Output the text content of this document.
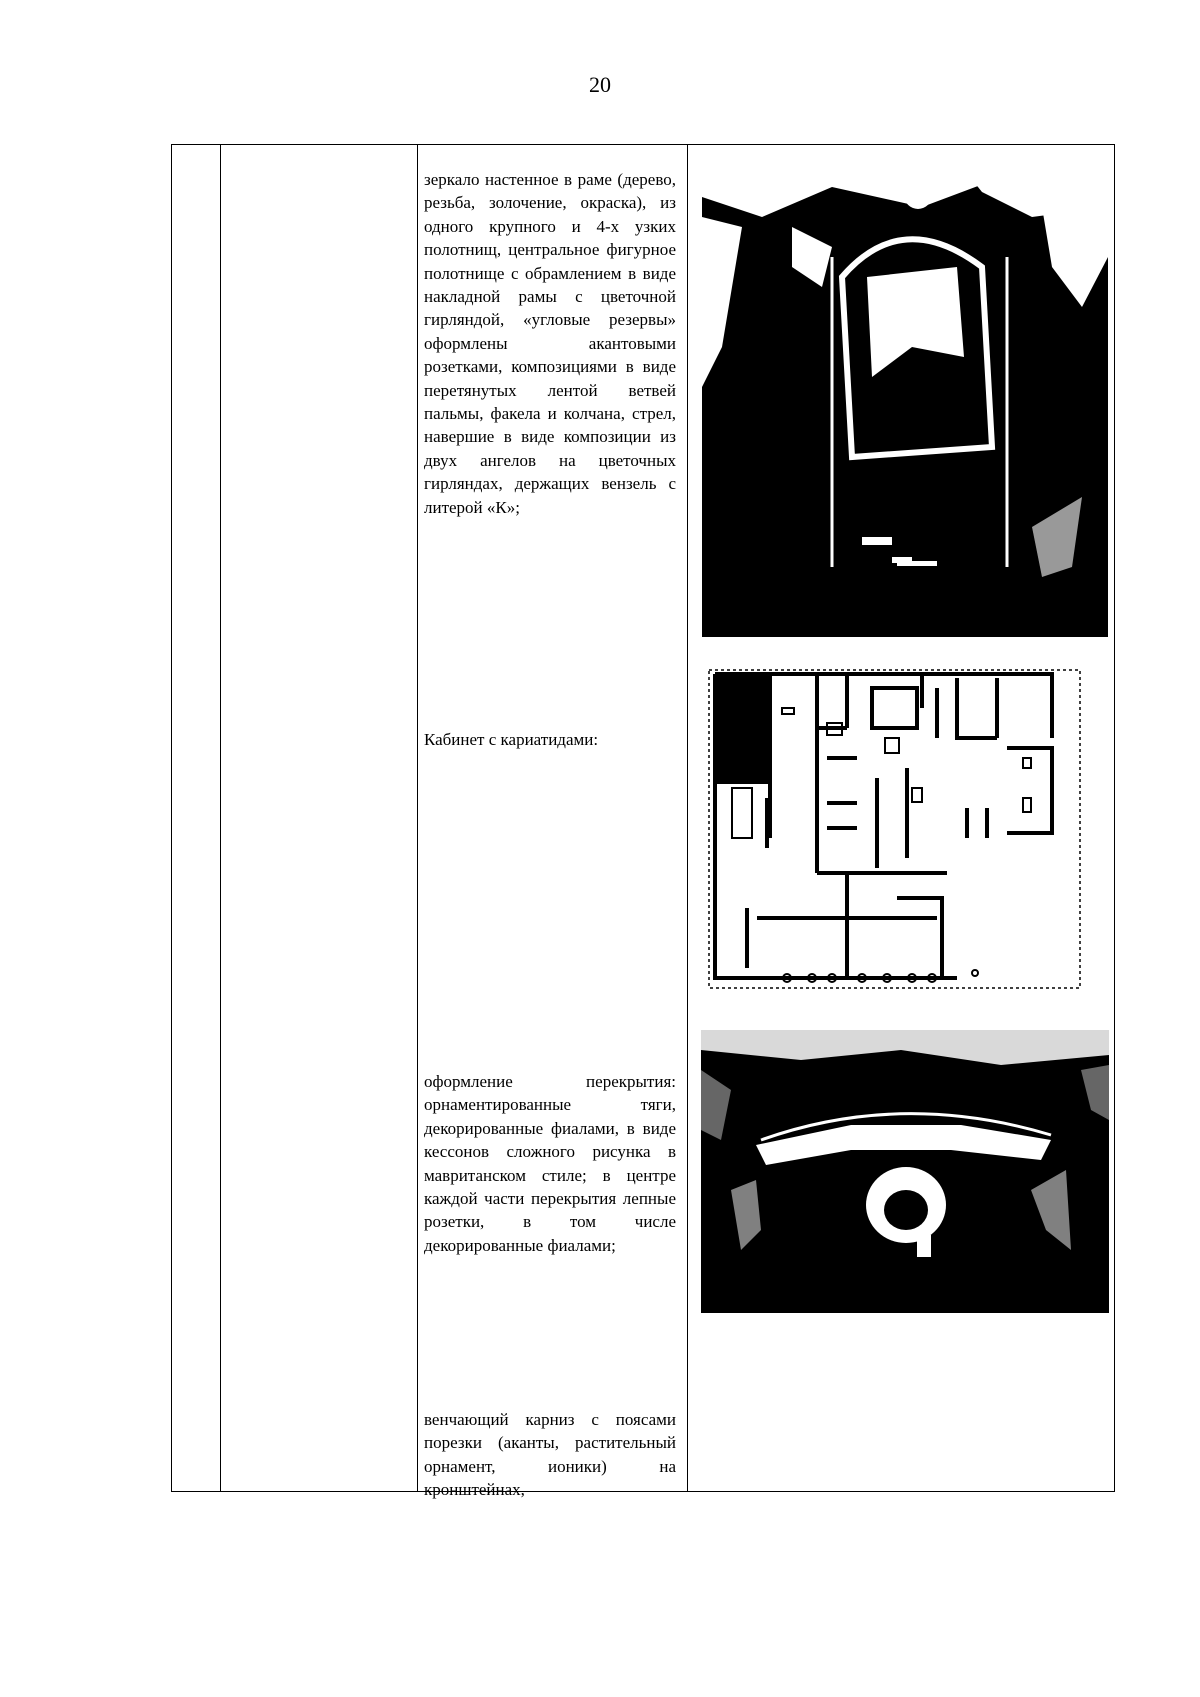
20
зеркало настенное в раме (дерево, резьба, золочение, окраска), из одного крупного и 4-х узких полотнищ, центральное фигурное полотнище с обрамлением в виде накладной рамы с цветочной гирляндой, «угловые резервы» оформлены акантовыми розетками, композициями в виде перетянутых лентой ветвей пальмы, факела и колчана, стрел, навершие в виде композиции из двух ангелов на цветочных гирляндах, держащих вензель с литерой «К»;
Кабинет с кариатидами:
оформление перекрытия: орнаментированные тяги, декорированные фиалами, в виде кессонов сложного рисунка в мавританском стиле; в центре каждой части перекрытия лепные розетки, в том числе декорированные фиалами;
венчающий карниз с поясами порезки (аканты, растительный орнамент, ионики) на кронштейнах,
